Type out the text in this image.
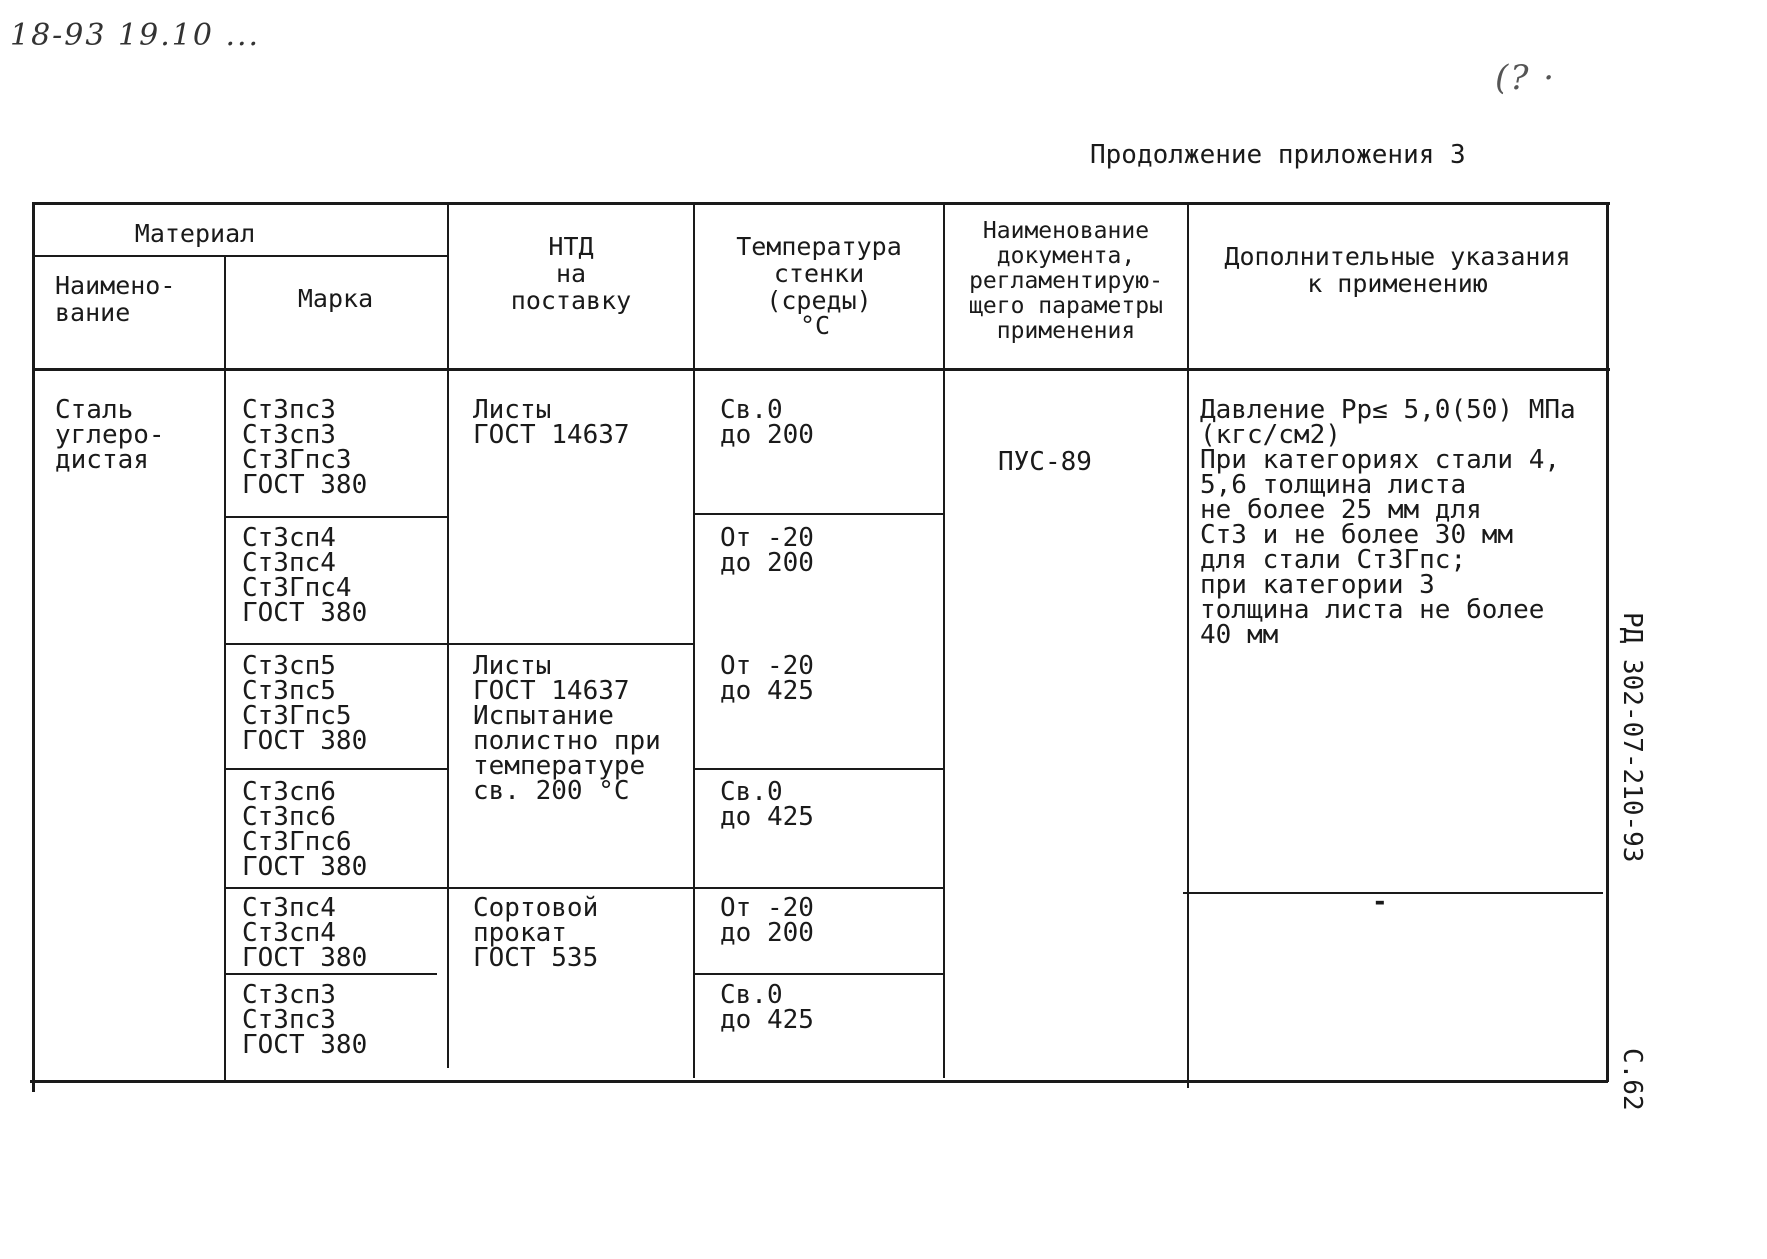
18-93 19.10 ...
(? ·
Продолжение приложения 3
Материал
Наимено-
вание	Марка
НТД
на
поставку
Температура
стенки
(среды)
°C
Наименование
документа,
регламентирую-
щего параметры
применения
Дополнительные указания
к применению
Сталь
углеро-
дистая
Ст3пс3
Ст3сп3
Ст3Гпс3
ГОСТ 380
Ст3сп4
Ст3пс4
Ст3Гпс4
ГОСТ 380
Ст3сп5
Ст3пс5
Ст3Гпс5
ГОСТ 380
Ст3сп6
Ст3пс6
Ст3Гпс6
ГОСТ 380
Ст3пс4
Ст3сп4
ГОСТ 380
Ст3сп3
Ст3пс3
ГОСТ 380
Листы
ГОСТ 14637
Листы
ГОСТ 14637
Испытание
полистно при
температуре
св. 200 °C
Сортовой
прокат
ГОСТ 535
Св.0
до 200
От -20
до 200
От -20
до 425
Св.0
до 425
От -20
до 200
Св.0
до 425
ПУС-89
Давление Рр≤ 5,0(50) МПа
(кгс/см2)
При категориях стали 4,
5,6 толщина листа
не более 25 мм для
Ст3 и не более 30 мм
для стали Ст3Гпс;
при категории 3
толщина листа не более
40 мм
-
РД 302-07-210-93
С.62
